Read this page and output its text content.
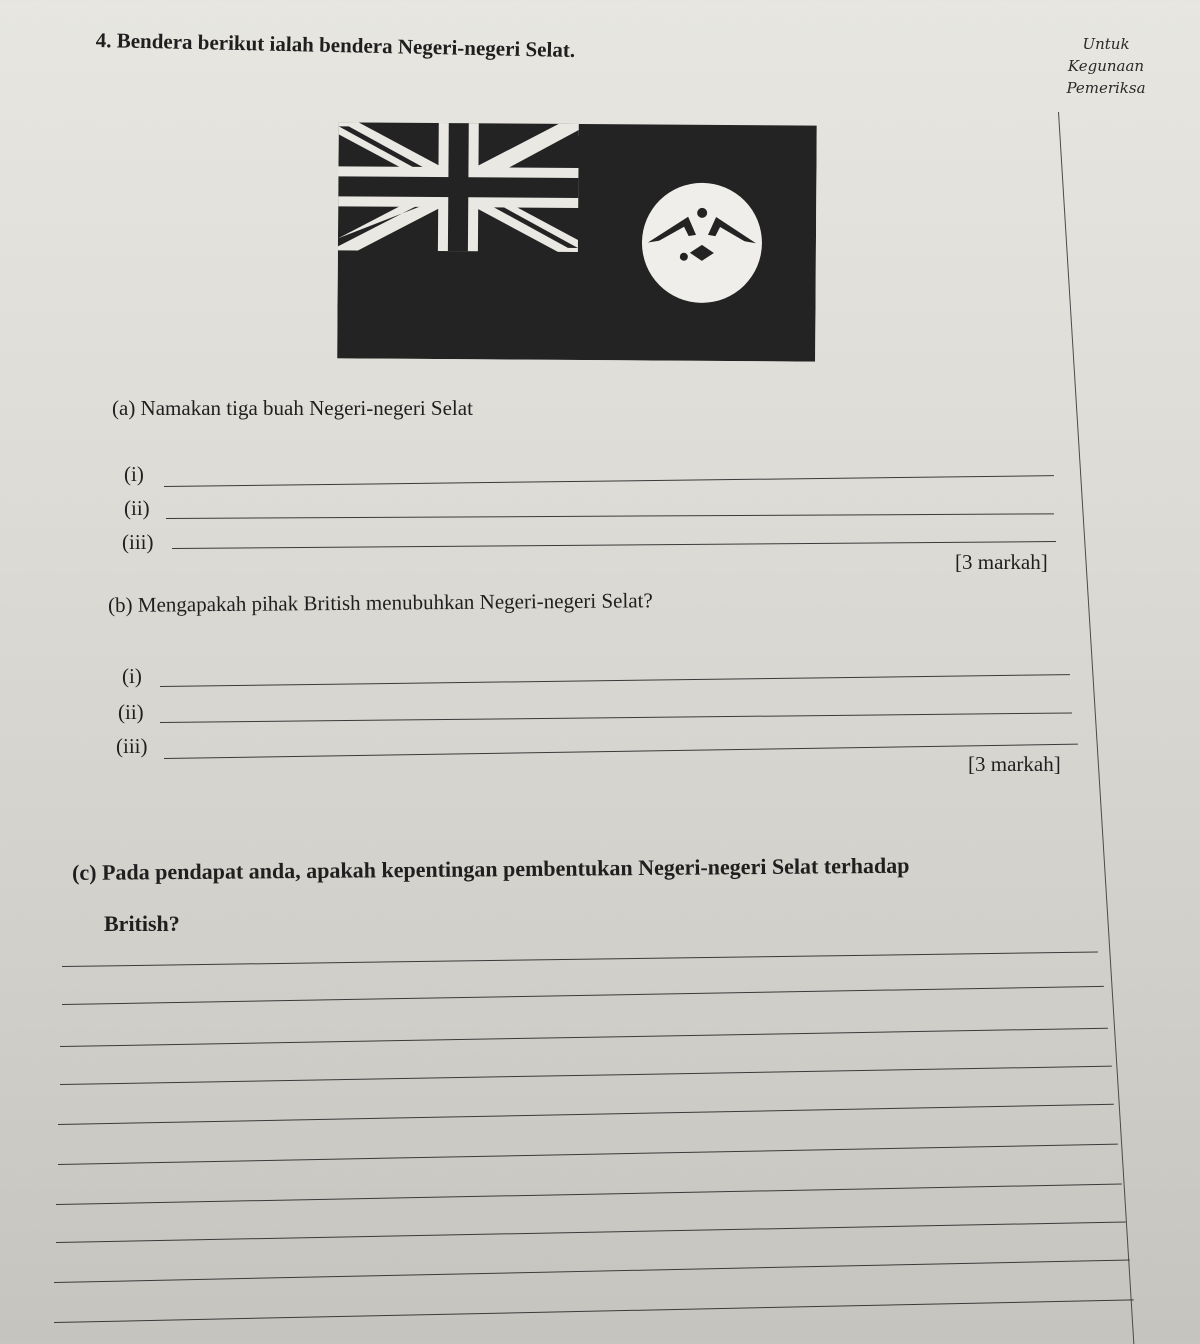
Untuk
Kegunaan
Pemeriksa
4. Bendera berikut ialah bendera Negeri-negeri Selat.
(a) Namakan tiga buah Negeri-negeri Selat
(i)
(ii)
(iii)
[3 markah]
(b) Mengapakah pihak British menubuhkan Negeri-negeri Selat?
(i)
(ii)
(iii)
[3 markah]
(c) Pada pendapat anda, apakah kepentingan pembentukan Negeri-negeri Selat terhadap
British?
